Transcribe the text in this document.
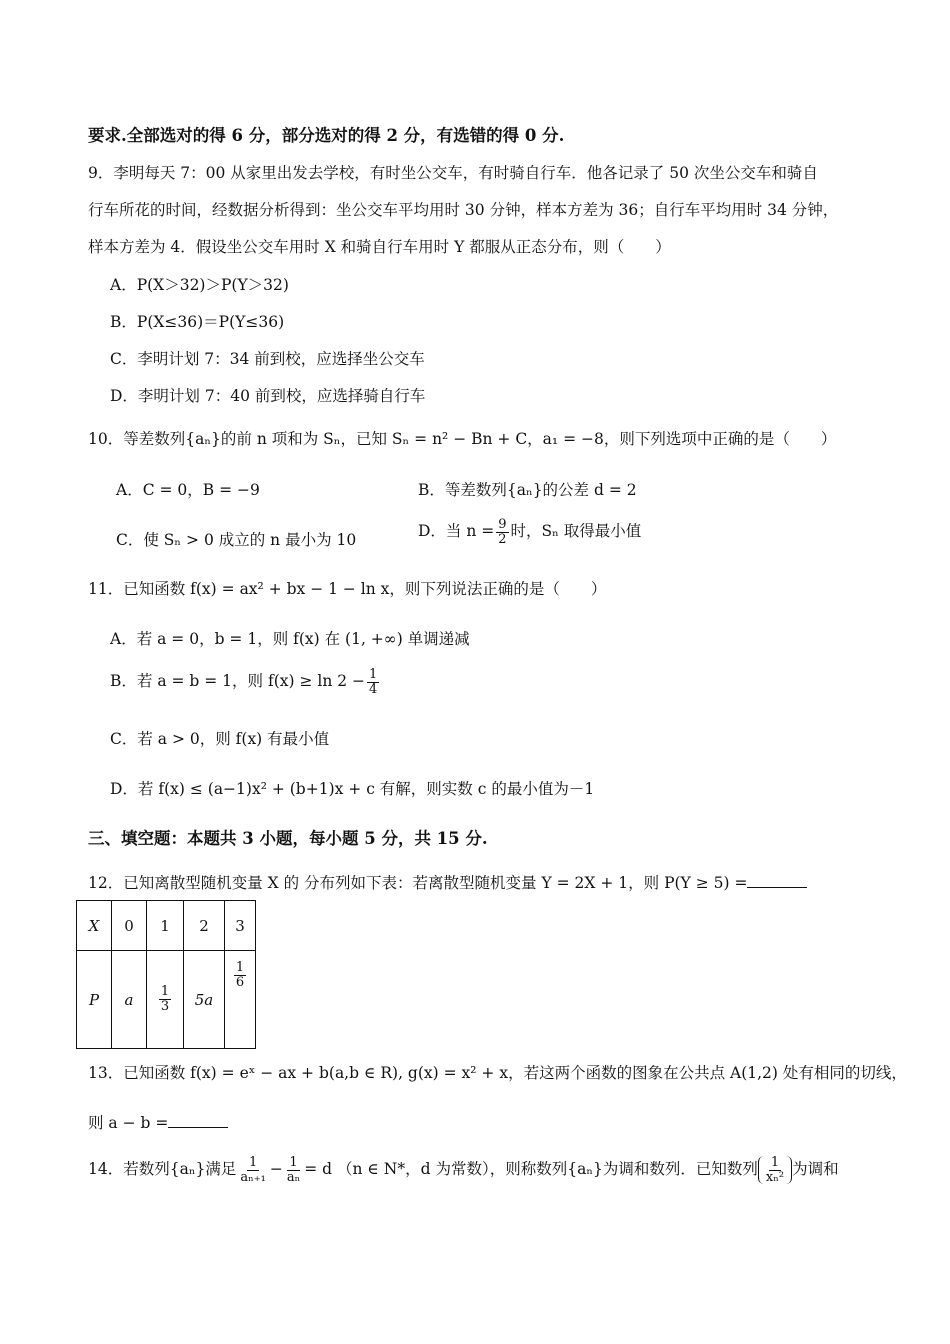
要求.全部选对的得 6 分，部分选对的得 2 分，有选错的得 0 分.
9．李明每天 7：00 从家里出发去学校，有时坐公交车，有时骑自行车．他各记录了 50 次坐公交车和骑自
行车所花的时间，经数据分析得到：坐公交车平均用时 30 分钟，样本方差为 36；自行车平均用时 34 分钟，
样本方差为 4．假设坐公交车用时 X 和骑自行车用时 Y 都服从正态分布，则（　　）
A．P(X＞32)＞P(Y＞32)
B．P(X≤36)＝P(Y≤36)
C．李明计划 7：34 前到校，应选择坐公交车
D．李明计划 7：40 前到校，应选择骑自行车
10．等差数列{aₙ}的前 n 项和为 Sₙ，已知 Sₙ = n² − Bn + C，a₁ = −8，则下列选项中正确的是（　　）
A．C = 0，B = −9	B．等差数列{aₙ}的公差 d = 2
C．使 Sₙ > 0 成立的 n 最小为 10	D．当 $n = \frac{9}{2}$ 时，Sₙ 取得最小值
11．已知函数 f(x) = ax² + bx − 1 − ln x，则下列说法正确的是（　　）
A．若 a = 0，b = 1，则 f(x) 在 (1, +∞) 单调递减
B．若 a = b = 1，则 $f(x) \ge \ln 2 - \frac{1}{4}$
C．若 a > 0，则 f(x) 有最小值
D．若 f(x) ≤ (a−1)x² + (b+1)x + c 有解，则实数 c 的最小值为－1
三、填空题：本题共 3 小题，每小题 5 分，共 15 分.
12．已知离散型随机变量 X 的 分布列如下表：若离散型随机变量 Y = 2X + 1，则 P(Y ≥ 5) =
X	0	1	2	3
P	a	$\frac{1}{3}$	5a	$\frac{1}{6}$
13．已知函数 f(x) = eˣ − ax + b(a,b ∈ R), g(x) = x² + x，若这两个函数的图象在公共点 A(1,2) 处有相同的切线，
则 a − b =
14．若数列{aₙ}满足 $\frac{1}{\text{aₙ₊₁}} - \frac{1}{\text{aₙ}} = d$ （n ∈ N*，d 为常数），则称数列{aₙ}为调和数列．已知数列 $\frac{1}{\text{xₙ²}}$ 为调和
